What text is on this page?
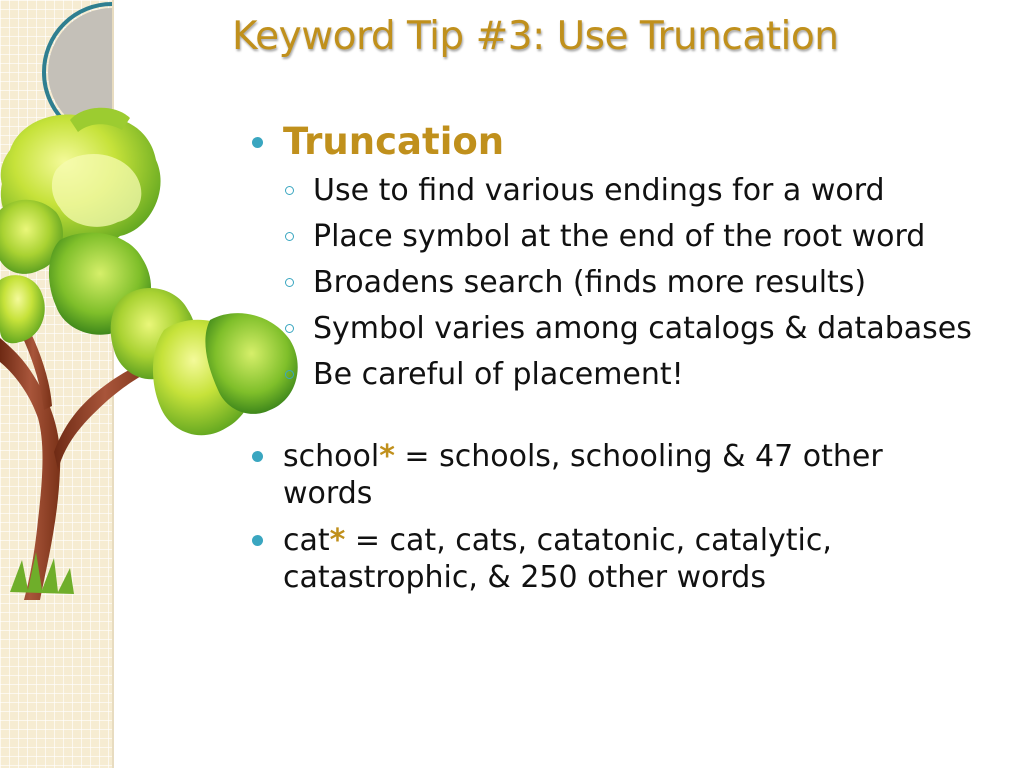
Keyword Tip #3: Use Truncation
Truncation
Use to find various endings for a word
Place symbol at the end of the root word
Broadens search (finds more results)
Symbol varies among catalogs & databases
Be careful of placement!
school* = schools, schooling & 47 other words
cat* = cat, cats, catatonic, catalytic, catastrophic, & 250 other words
